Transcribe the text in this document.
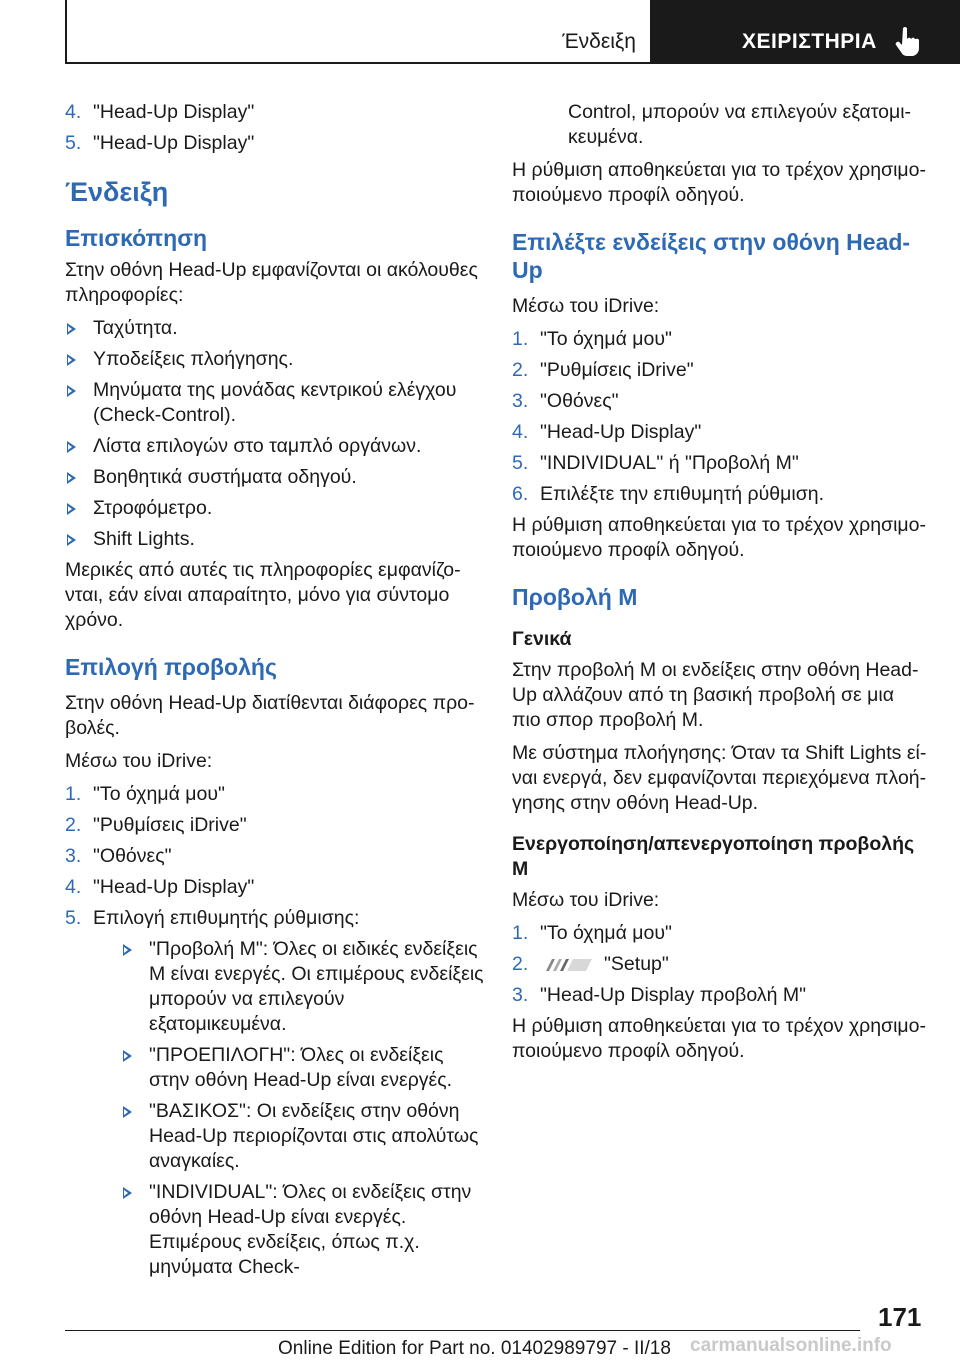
Ένδειξη	ΧΕΙΡΙΣΤΗΡΙΑ
4. "Head-Up Display"
5. "Head-Up Display"
Ένδειξη
Επισκόπηση

Στην οθόνη Head-Up εμφανίζονται οι ακόλουθες πληροφορίες:

Ταχύτητα.
Υποδείξεις πλοήγησης.
Μηνύματα της μονάδας κεντρικού ελέγχου (Check-Control).
Λίστα επιλογών στο ταμπλό οργάνων.
Βοηθητικά συστήματα οδηγού.
Στροφόμετρο.
Shift Lights.

Μερικές από αυτές τις πληροφορίες εμφανίζο-νται, εάν είναι απαραίτητο, μόνο για σύντομο χρόνο.

Επιλογή προβολής

Στην οθόνη Head-Up διατίθενται διάφορες προ-βολές.

Μέσω του iDrive:

1. "Το όχημά μου"
2. "Ρυθμίσεις iDrive"
3. "Οθόνες"
4. "Head-Up Display"
5. Επιλογή επιθυμητής ρύθμισης:
"Προβολή M": Όλες οι ειδικές ενδείξεις M είναι ενεργές. Οι επιμέρους ενδείξεις μπορούν να επιλεγούν εξατομικευμένα.
"ΠΡΟΕΠΙΛΟΓΗ": Όλες οι ενδείξεις στην οθόνη Head-Up είναι ενεργές.
"ΒΑΣΙΚΟΣ": Οι ενδείξεις στην οθόνη Head-Up περιορίζονται στις απολύτως αναγκαίες.
"INDIVIDUAL": Όλες οι ενδείξεις στην οθόνη Head-Up είναι ενεργές. Επιμέρους ενδείξεις, όπως π.χ. μηνύματα Check-

Control, μπορούν να επιλεγούν εξατομι-κευμένα.

Η ρύθμιση αποθηκεύεται για το τρέχον χρησιμο-ποιούμενο προφίλ οδηγού.

Επιλέξτε ενδείξεις στην οθόνη Head-Up

Μέσω του iDrive:

1. "Το όχημά μου"
2. "Ρυθμίσεις iDrive"
3. "Οθόνες"
4. "Head-Up Display"
5. "INDIVIDUAL" ή "Προβολή M"
6. Επιλέξτε την επιθυμητή ρύθμιση.

Η ρύθμιση αποθηκεύεται για το τρέχον χρησιμο-ποιούμενο προφίλ οδηγού.

Προβολή M
Γενικά

Στην προβολή M οι ενδείξεις στην οθόνη Head-Up αλλάζουν από τη βασική προβολή σε μια πιο σπορ προβολή M.

Με σύστημα πλοήγησης: Όταν τα Shift Lights εί-ναι ενεργά, δεν εμφανίζονται περιεχόμενα πλοή-γησης στην οθόνη Head-Up.

Ενεργοποίηση/απενεργοποίηση προβολής M

Μέσω του iDrive:

1. "Το όχημά μου"
2.	"Setup"
3. "Head-Up Display προβολή M"

Η ρύθμιση αποθηκεύεται για το τρέχον χρησιμο-ποιούμενο προφίλ οδηγού.

171
Online Edition for Part no. 01402989797 - II/18 carmanualsonline.info
